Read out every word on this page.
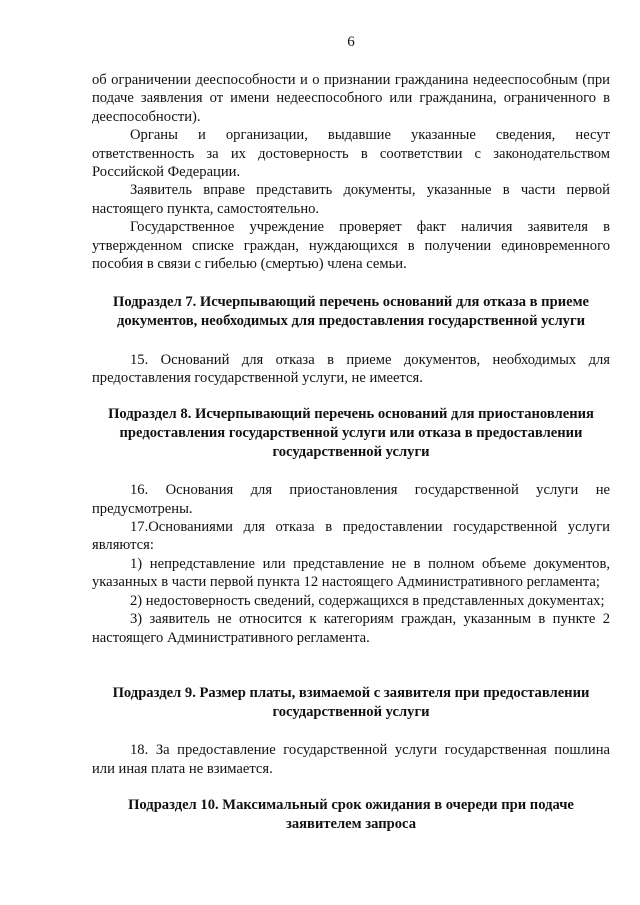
6

об ограничении дееспособности и о признании гражданина недееспособным (при подаче заявления от имени недееспособного или гражданина, ограниченного в дееспособности).

Органы и организации, выдавшие указанные сведения, несут ответственность за их достоверность в соответствии с законодательством Российской Федерации.

Заявитель вправе представить документы, указанные в части первой настоящего пункта, самостоятельно.

Государственное учреждение проверяет факт наличия заявителя в утвержденном списке граждан, нуждающихся в получении единовременного пособия в связи с гибелью (смертью) члена семьи.

Подраздел 7. Исчерпывающий перечень оснований для отказа в приеме документов, необходимых для предоставления государственной услуги

15. Оснований для отказа в приеме документов, необходимых для предоставления государственной услуги, не имеется.

Подраздел 8. Исчерпывающий перечень оснований для приостановления предоставления государственной услуги или отказа в предоставлении государственной услуги

16. Основания для приостановления государственной услуги не предусмотрены.

17.Основаниями для отказа в предоставлении государственной услуги являются:

1) непредставление или представление не в полном объеме документов, указанных в части первой пункта 12 настоящего Административного регламента;

2) недостоверность сведений, содержащихся в представленных документах;

3) заявитель не относится к категориям граждан, указанным в пункте 2 настоящего Административного регламента.

Подраздел 9. Размер платы, взимаемой с заявителя при предоставлении государственной услуги

18. За предоставление государственной услуги государственная пошлина или иная плата не взимается.

Подраздел 10. Максимальный срок ожидания в очереди при подаче заявителем запроса
